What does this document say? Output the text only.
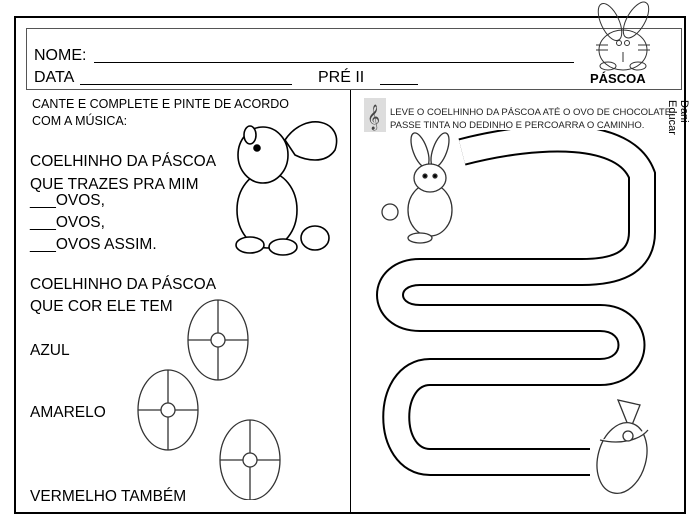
NOME:
DATA	PRÉ II	PÁSCOA
CANTE E COMPLETE E PINTE DE ACORDO
COM A MÚSICA:
COELHINHO DA PÁSCOA
QUE TRAZES PRA MIM
___OVOS,
___OVOS,
___OVOS ASSIM.
COELHINHO DA PÁSCOA
QUE COR ELE TEM
AZUL
AMARELO
VERMELHO TAMBÉM
𝄞 LEVE O COELHINHO DA PÁSCOA ATÉ O OVO DE CHOCOLATE.
PASSE TINTA NO DEDINHO E PERCOARRA O CAMINHO.
Dani Educar
